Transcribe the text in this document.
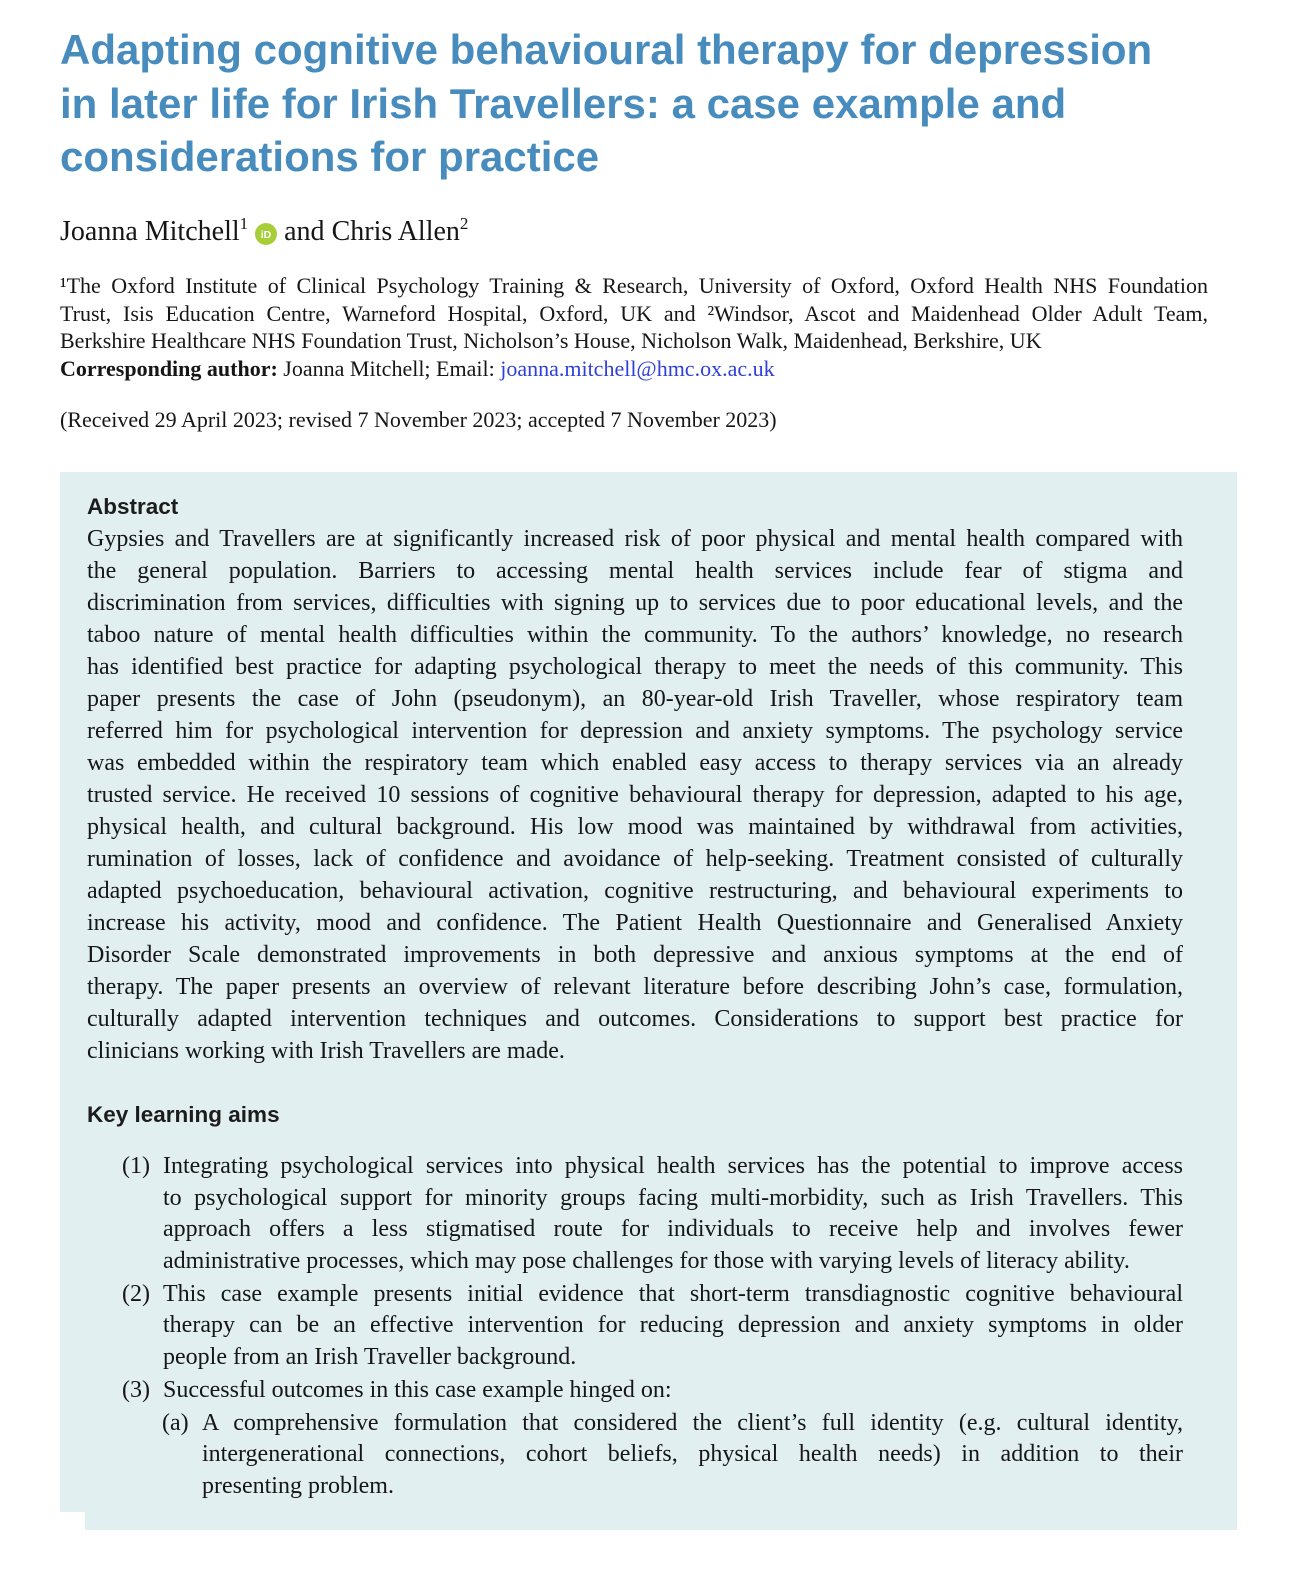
Adapting cognitive behavioural therapy for depression
in later life for Irish Travellers: a case example and
considerations for practice
Joanna Mitchell$^1$
iD and Chris Allen$^2$
¹The Oxford Institute of Clinical Psychology Training & Research, University of Oxford, Oxford Health NHS Foundation
Trust, Isis Education Centre, Warneford Hospital, Oxford, UK and ²Windsor, Ascot and Maidenhead Older Adult Team,
Berkshire Healthcare NHS Foundation Trust, Nicholson’s House, Nicholson Walk, Maidenhead, Berkshire, UK
Corresponding author: Joanna Mitchell; Email: joanna.mitchell@hmc.ox.ac.uk
(Received 29 April 2023; revised 7 November 2023; accepted 7 November 2023)
Abstract
Gypsies and Travellers are at significantly increased risk of poor physical and mental health compared with
the general population. Barriers to accessing mental health services include fear of stigma and
discrimination from services, difficulties with signing up to services due to poor educational levels, and the
taboo nature of mental health difficulties within the community. To the authors’ knowledge, no research
has identified best practice for adapting psychological therapy to meet the needs of this community. This
paper presents the case of John (pseudonym), an 80-year-old Irish Traveller, whose respiratory team
referred him for psychological intervention for depression and anxiety symptoms. The psychology service
was embedded within the respiratory team which enabled easy access to therapy services via an already
trusted service. He received 10 sessions of cognitive behavioural therapy for depression, adapted to his age,
physical health, and cultural background. His low mood was maintained by withdrawal from activities,
rumination of losses, lack of confidence and avoidance of help-seeking. Treatment consisted of culturally
adapted psychoeducation, behavioural activation, cognitive restructuring, and behavioural experiments to
increase his activity, mood and confidence. The Patient Health Questionnaire and Generalised Anxiety
Disorder Scale demonstrated improvements in both depressive and anxious symptoms at the end of
therapy. The paper presents an overview of relevant literature before describing John’s case, formulation,
culturally adapted intervention techniques and outcomes. Considerations to support best practice for
clinicians working with Irish Travellers are made.
Key learning aims
(1) Integrating psychological services into physical health services has the potential to improve access
to psychological support for minority groups facing multi-morbidity, such as Irish Travellers. This
approach offers a less stigmatised route for individuals to receive help and involves fewer
administrative processes, which may pose challenges for those with varying levels of literacy ability.
(2) This case example presents initial evidence that short-term transdiagnostic cognitive behavioural
therapy can be an effective intervention for reducing depression and anxiety symptoms in older
people from an Irish Traveller background.
(3) Successful outcomes in this case example hinged on:
(a) A comprehensive formulation that considered the client’s full identity (e.g. cultural identity,
intergenerational connections, cohort beliefs, physical health needs) in addition to their
presenting problem.
